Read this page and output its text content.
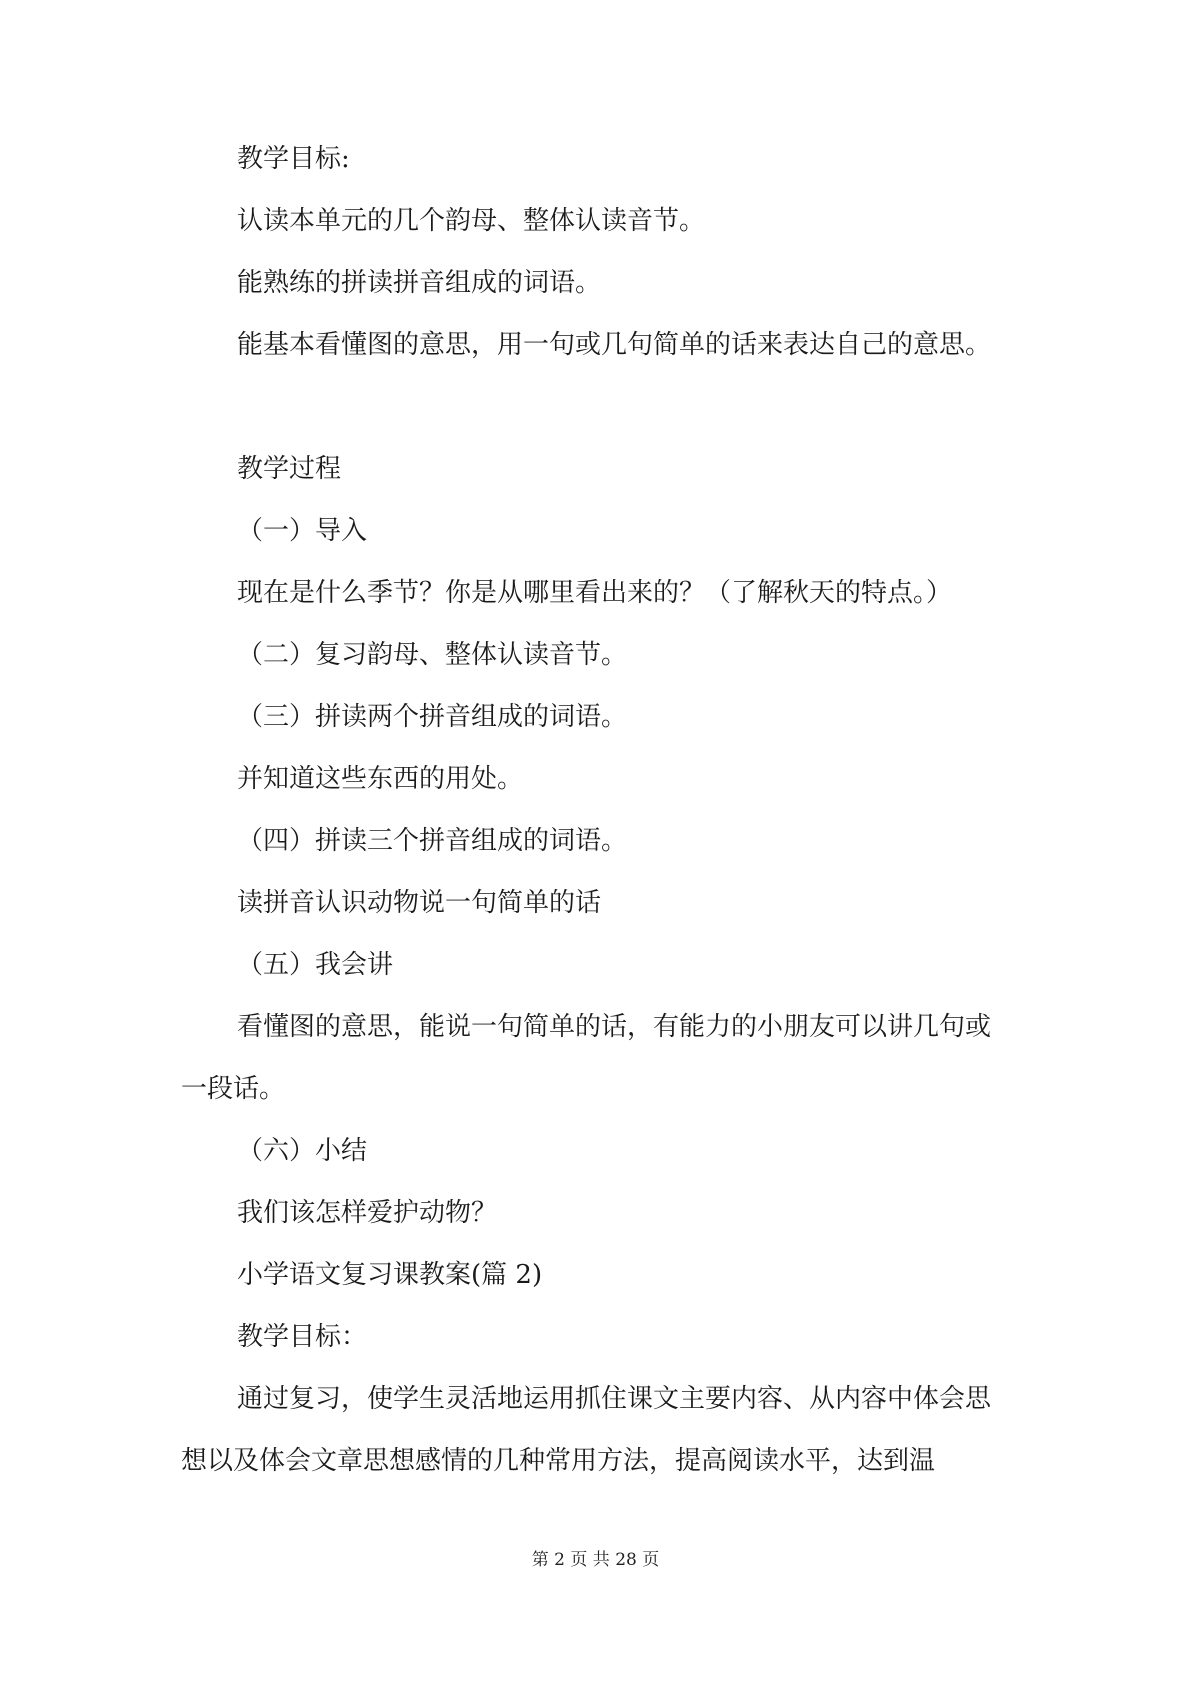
教学目标:

认读本单元的几个韵母、整体认读音节。

能熟练的拼读拼音组成的词语。

能基本看懂图的意思，用一句或几句简单的话来表达自己的意思。

教学过程

（一）导入

现在是什么季节？你是从哪里看出来的？（了解秋天的特点。）

（二）复习韵母、整体认读音节。

（三）拼读两个拼音组成的词语。

并知道这些东西的用处。

（四）拼读三个拼音组成的词语。

读拼音认识动物说一句简单的话

（五）我会讲

看懂图的意思，能说一句简单的话，有能力的小朋友可以讲几句或一段话。

（六）小结

我们该怎样爱护动物？

小学语文复习课教案(篇 2)

教学目标：

通过复习，使学生灵活地运用抓住课文主要内容、从内容中体会思想以及体会文章思想感情的几种常用方法，提高阅读水平，达到温

第 2 页 共 28 页
